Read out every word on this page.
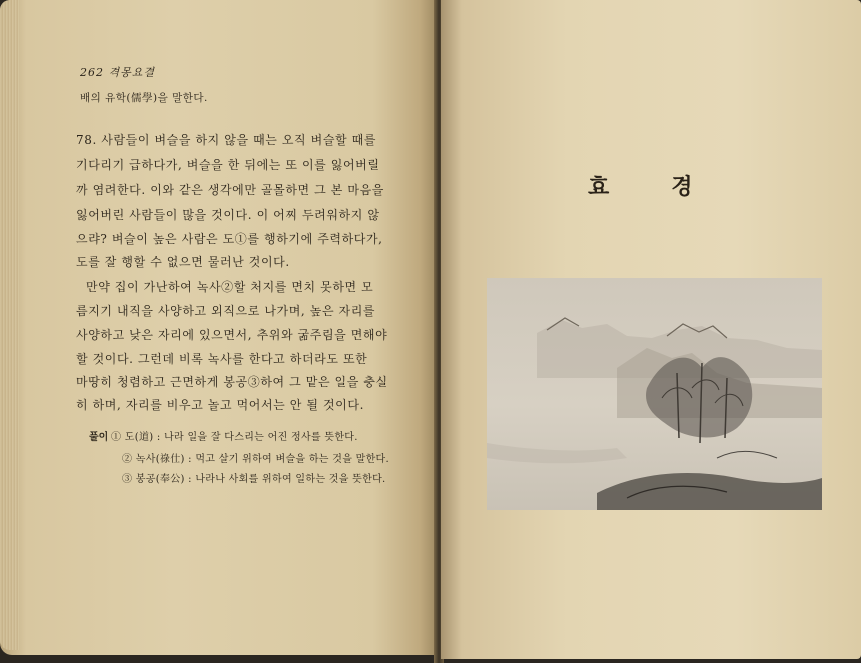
262 격몽요결
배의 유학(儒學)을 말한다.
78. 사람들이 벼슬을 하지 않을 때는 오직 벼슬할 때를
기다리기 급하다가, 벼슬을 한 뒤에는 또 이를 잃어버릴
까 염려한다. 이와 같은 생각에만 골몰하면 그 본 마음을
잃어버린 사람들이 많을 것이다. 이 어찌 두려워하지 않
으랴? 벼슬이 높은 사람은 도①를 행하기에 주력하다가,
도를 잘 행할 수 없으면 물러난 것이다.
만약 집이 가난하여 녹사②할 처지를 면치 못하면 모
름지기 내직을 사양하고 외직으로 나가며, 높은 자리를
사양하고 낮은 자리에 있으면서, 추위와 굶주림을 면해야
할 것이다. 그런데 비록 녹사를 한다고 하더라도 또한
마땅히 청렴하고 근면하게 봉공③하여 그 맡은 일을 충실
히 하며, 자리를 비우고 놀고 먹어서는 안 될 것이다.
풀이 ① 도(道) : 나라 일을 잘 다스리는 어진 정사를 뜻한다.
② 녹사(祿仕) : 먹고 살기 위하여 벼슬을 하는 것을 말한다.
③ 봉공(奉公) : 나라나 사회를 위하여 일하는 것을 뜻한다.
효경
